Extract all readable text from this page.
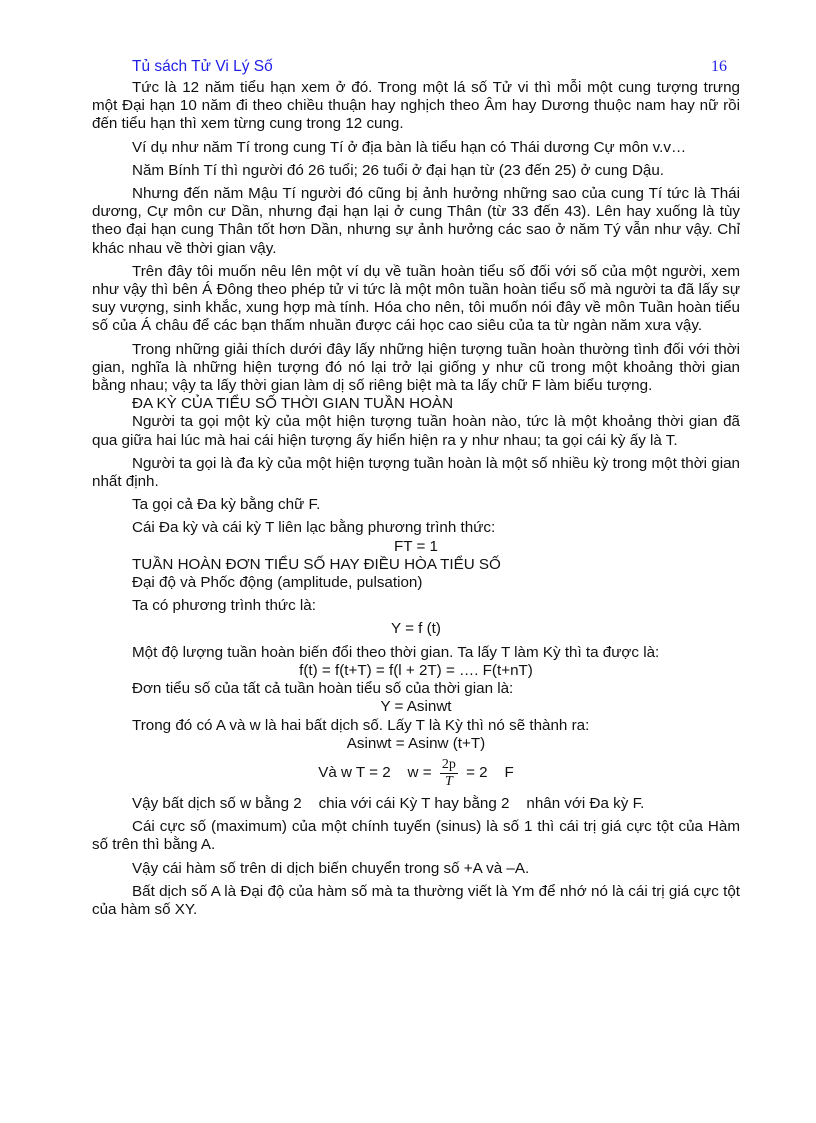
Tủ sách Tử Vi Lý Số	16

Tức là 12 năm tiểu hạn xem ở đó. Trong một lá số Tử vi thì mỗi một cung tượng trưng một Đại hạn 10 năm đi theo chiều thuận hay nghịch theo Âm hay Dương thuộc nam hay nữ rồi đến tiểu hạn thì xem từng cung trong 12 cung.

Ví dụ như năm Tí trong cung Tí ở địa bàn là tiểu hạn có Thái dương Cự môn v.v…

Năm Bính Tí thì người đó 26 tuổi; 26 tuổi ở đại hạn từ (23 đến 25) ở cung Dậu.

Nhưng đến năm Mậu Tí người đó cũng bị ảnh hưởng những sao của cung Tí tức là Thái dương, Cự môn cư Dần, nhưng đại hạn lại ở cung Thân (từ 33 đến 43). Lên hay xuống là tùy theo đại hạn cung Thân tốt hơn Dần, nhưng sự ảnh hưởng các sao ở năm Tý vẫn như vậy. Chỉ khác nhau về thời gian vậy.

Trên đây tôi muốn nêu lên một ví dụ về tuần hoàn tiểu số đối với số của một người, xem như vậy thì bên Á Đông theo phép tử vi tức là một môn tuần hoàn tiểu số mà người ta đã lấy sự suy vượng, sinh khắc, xung hợp mà tính. Hóa cho nên, tôi muốn nói đây về môn Tuần hoàn tiểu số của Á châu để các bạn thấm nhuần được cái học cao siêu của ta từ ngàn năm xưa vậy.

Trong những giải thích dưới đây lấy những hiện tượng tuần hoàn thường tình đối với thời gian, nghĩa là những hiện tượng đó nó lại trở lại giống y như cũ trong một khoảng thời gian bằng nhau; vậy ta lấy thời gian làm dị số riêng biệt mà ta lấy chữ F làm biểu tượng.

ĐA KỲ CỦA TIỂU SỐ THỜI GIAN TUẦN HOÀN

Người ta gọi một kỳ của một hiện tượng tuần hoàn nào, tức là một khoảng thời gian đã qua giữa hai lúc mà hai cái hiện tượng ấy hiển hiện ra y như nhau; ta gọi cái kỳ ấy là T.

Người ta gọi là đa kỳ của một hiện tượng tuần hoàn là một số nhiều kỳ trong một thời gian nhất định.

Ta gọi cả Đa kỳ bằng chữ F.

Cái Đa kỳ và cái kỳ T liên lạc bằng phương trình thức:

FT = 1

TUẦN HOÀN ĐƠN TIỂU SỐ HAY ĐIỀU HÒA TIỂU SỐ

Đại độ và Phốc động (amplitude, pulsation)

Ta có phương trình thức là:

Y = f (t)

Một độ lượng tuần hoàn biến đổi theo thời gian. Ta lấy T làm Kỳ thì ta được là:

f(t) = f(t+T) = f(l + 2T) = …. F(t+nT)

Đơn tiểu số của tất cả tuần hoàn tiểu số của thời gian là:

Y = Asinwt

Trong đó có A và w là hai bất dịch số. Lấy T là Kỳ thì nó sẽ thành ra:

Asinwt = Asinw (t+T)

Và w T = 2    $w = \frac{2p}{T} = 2$    F

Vậy bất dịch số w bằng 2    chia với cái Kỳ T hay bằng 2    nhân với Đa kỳ F.

Cái cực số (maximum) của một chính tuyến (sinus) là số 1 thì cái trị giá cực tột của Hàm số trên thì bằng A.

Vậy cái hàm số trên di dịch biến chuyển trong số +A và –A.

Bất dịch số A là Đại độ của hàm số mà ta thường viết là Ym để nhớ nó là cái trị giá cực tột của hàm số XY.
